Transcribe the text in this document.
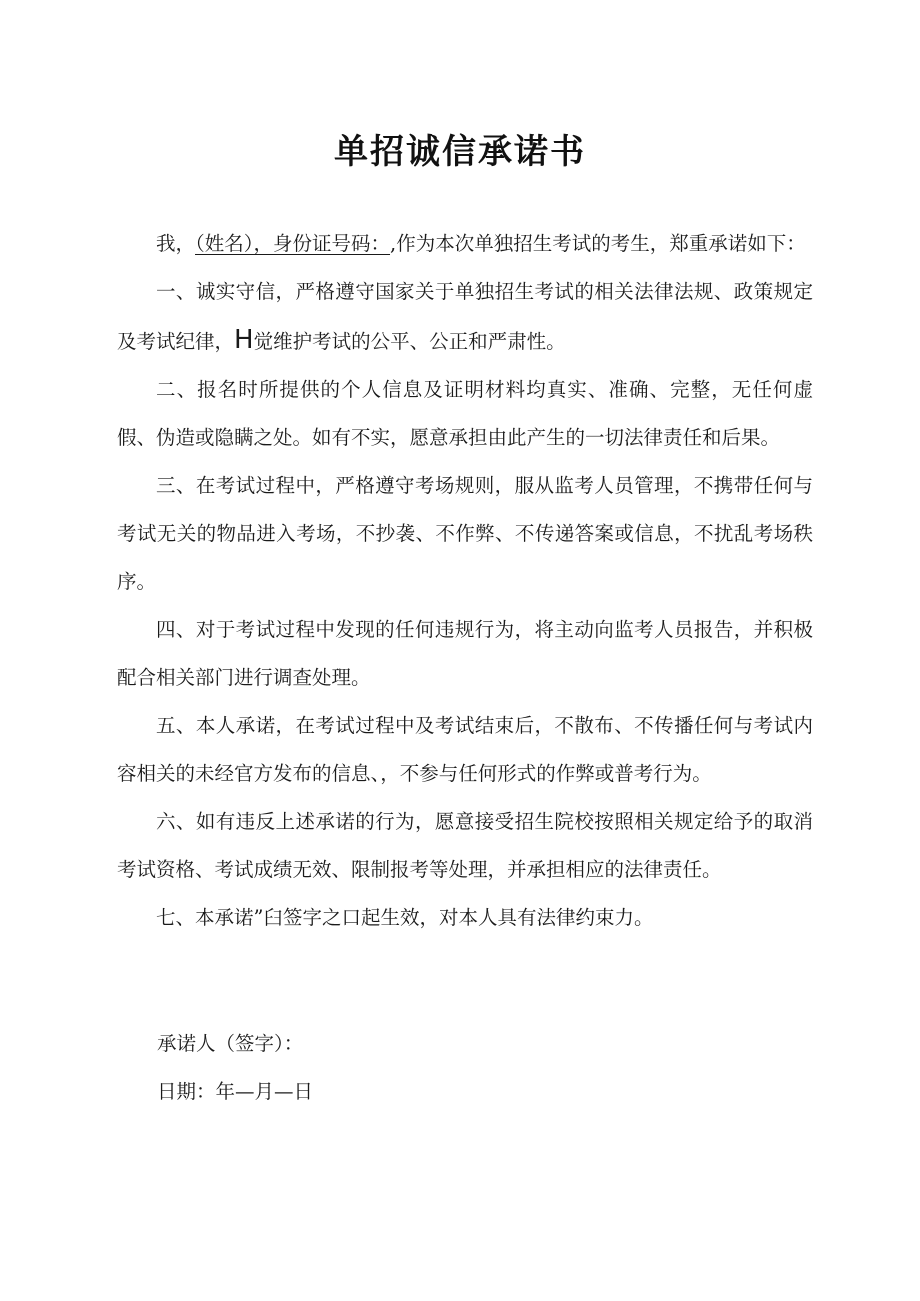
单招诚信承诺书

我，（姓名），身份证号码：,作为本次单独招生考试的考生，郑重承诺如下：

一、诚实守信，严格遵守国家关于单独招生考试的相关法律法规、政策规定及考试纪律，H觉维护考试的公平、公正和严肃性。

二、报名时所提供的个人信息及证明材料均真实、准确、完整，无任何虚假、伪造或隐瞒之处。如有不实，愿意承担由此产生的一切法律责任和后果。

三、在考试过程中，严格遵守考场规则，服从监考人员管理，不携带任何与考试无关的物品进入考场，不抄袭、不作弊、不传递答案或信息，不扰乱考场秩序。

四、对于考试过程中发现的任何违规行为，将主动向监考人员报告，并积极配合相关部门进行调查处理。

五、本人承诺，在考试过程中及考试结束后，不散布、不传播任何与考试内容相关的未经官方发布的信息、，不参与任何形式的作弊或普考行为。

六、如有违反上述承诺的行为，愿意接受招生院校按照相关规定给予的取消考试资格、考试成绩无效、限制报考等处理，并承担相应的法律责任。

七、本承诺”臼签字之口起生效，对本人具有法律约束力。

承诺人（签字）：
日期：年—月—日
